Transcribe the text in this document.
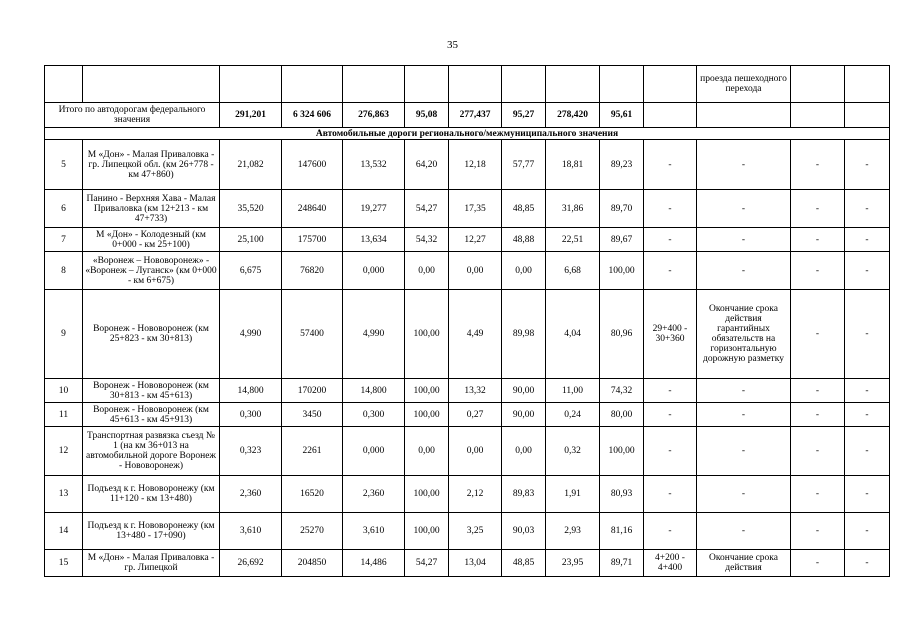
35
											проезда пешеходного перехода		
Итого по автодорогам федерального значения		291,201	6 324 606	276,863	95,08	277,437	95,27	278,420	95,61				
Автомобильные дороги регионального/межмуниципального значения													
5	М «Дон» - Малая Приваловка - гр. Липецкой обл. (км 26+778 - км 47+860)	21,082	147600	13,532	64,20	12,18	57,77	18,81	89,23	-	-	-	-
6	Панино - Верхняя Хава - Малая Приваловка (км 12+213 - км 47+733)	35,520	248640	19,277	54,27	17,35	48,85	31,86	89,70	-	-	-	-
7	М «Дон» - Колодезный (км 0+000 - км 25+100)	25,100	175700	13,634	54,32	12,27	48,88	22,51	89,67	-	-	-	-
8	«Воронеж – Нововоронеж» - «Воронеж – Луганск» (км 0+000 - км 6+675)	6,675	76820	0,000	0,00	0,00	0,00	6,68	100,00	-	-	-	-
9	Воронеж - Нововоронеж (км 25+823 - км 30+813)	4,990	57400	4,990	100,00	4,49	89,98	4,04	80,96	29+400 - 30+360	Окончание срока действия гарантийных обязательств на горизонтальную дорожную разметку	-	-
10	Воронеж - Нововоронеж (км 30+813 - км 45+613)	14,800	170200	14,800	100,00	13,32	90,00	11,00	74,32	-	-	-	-
11	Воронеж - Нововоронеж (км 45+613 - км 45+913)	0,300	3450	0,300	100,00	0,27	90,00	0,24	80,00	-	-	-	-
12	Транспортная развязка съезд № 1 (на км 36+013 на автомобильной дороге Воронеж - Нововоронеж)	0,323	2261	0,000	0,00	0,00	0,00	0,32	100,00	-	-	-	-
13	Подъезд к г. Нововоронежу (км 11+120 - км 13+480)	2,360	16520	2,360	100,00	2,12	89,83	1,91	80,93	-	-	-	-
14	Подъезд к г. Нововоронежу (км 13+480 - 17+090)	3,610	25270	3,610	100,00	3,25	90,03	2,93	81,16	-	-	-	-
15	М «Дон» - Малая Приваловка - гр. Липецкой	26,692	204850	14,486	54,27	13,04	48,85	23,95	89,71	4+200 - 4+400	Окончание срока действия	-	-
